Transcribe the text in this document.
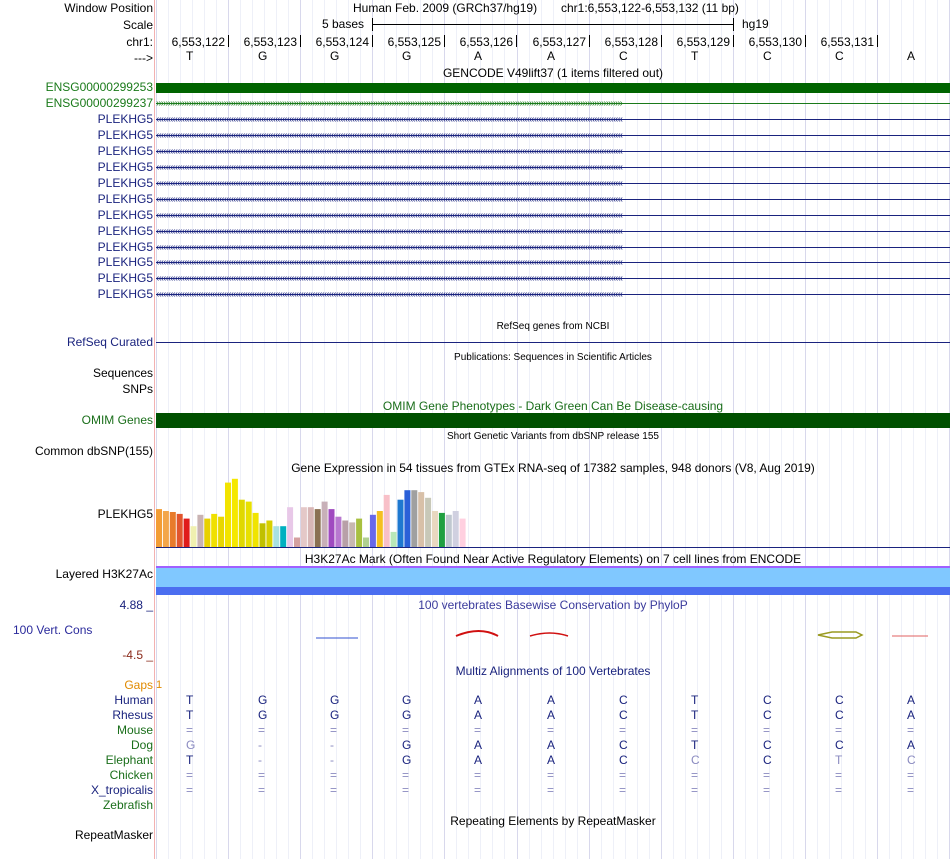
Window Position	Human Feb. 2009 (GRCh37/hg19) chr1:6,553,122-6,553,132 (11 bp)
Scale	5 bases	hg19
chr1: 6,553,122 6,553,123 6,553,124 6,553,125 6,553,126 6,553,127 6,553,128 6,553,129 6,553,130 6,553,131
--->	T	G	G	G	A	A	C	T	C	C	A
GENCODE V49lift37 (1 items filtered out)
ENSG00000299253
ENSG00000299237
PLEKHG5
PLEKHG5
PLEKHG5
PLEKHG5
PLEKHG5
PLEKHG5
PLEKHG5
PLEKHG5
PLEKHG5
PLEKHG5
PLEKHG5
PLEKHG5
RefSeq genes from NCBI
RefSeq Curated
Publications: Sequences in Scientific Articles
Sequences
SNPs
OMIM Gene Phenotypes - Dark Green Can Be Disease-causing
OMIM Genes
Short Genetic Variants from dbSNP release 155
Common dbSNP(155)
Gene Expression in 54 tissues from GTEx RNA-seq of 17382 samples, 948 donors (V8, Aug 2019)
PLEKHG5
H3K27Ac Mark (Often Found Near Active Regulatory Elements) on 7 cell lines from ENCODE
Layered H3K27Ac
4.88 _	100 vertebrates Basewise Conservation by PhyloP
100 Vert. Cons
-4.5 _
Multiz Alignments of 100 Vertebrates
Gaps 1
Human	T	G	G	G	A	A	C	T	C	C	A
Rhesus	T	G	G	G	A	A	C	T	C	C	A
Mouse	=	=	=	=	=	=	=	=	=	=	=
Dog	G	-	-	G	A	A	C	T	C	C	A
Elephant	T	-	-	G	A	A	C	C	C	T	C
Chicken	=	=	=	=	=	=	=	=	=	=	=
X_tropicalis	=	=	=	=	=	=	=	=	=	=	=
Zebrafish
Repeating Elements by RepeatMasker
RepeatMasker
